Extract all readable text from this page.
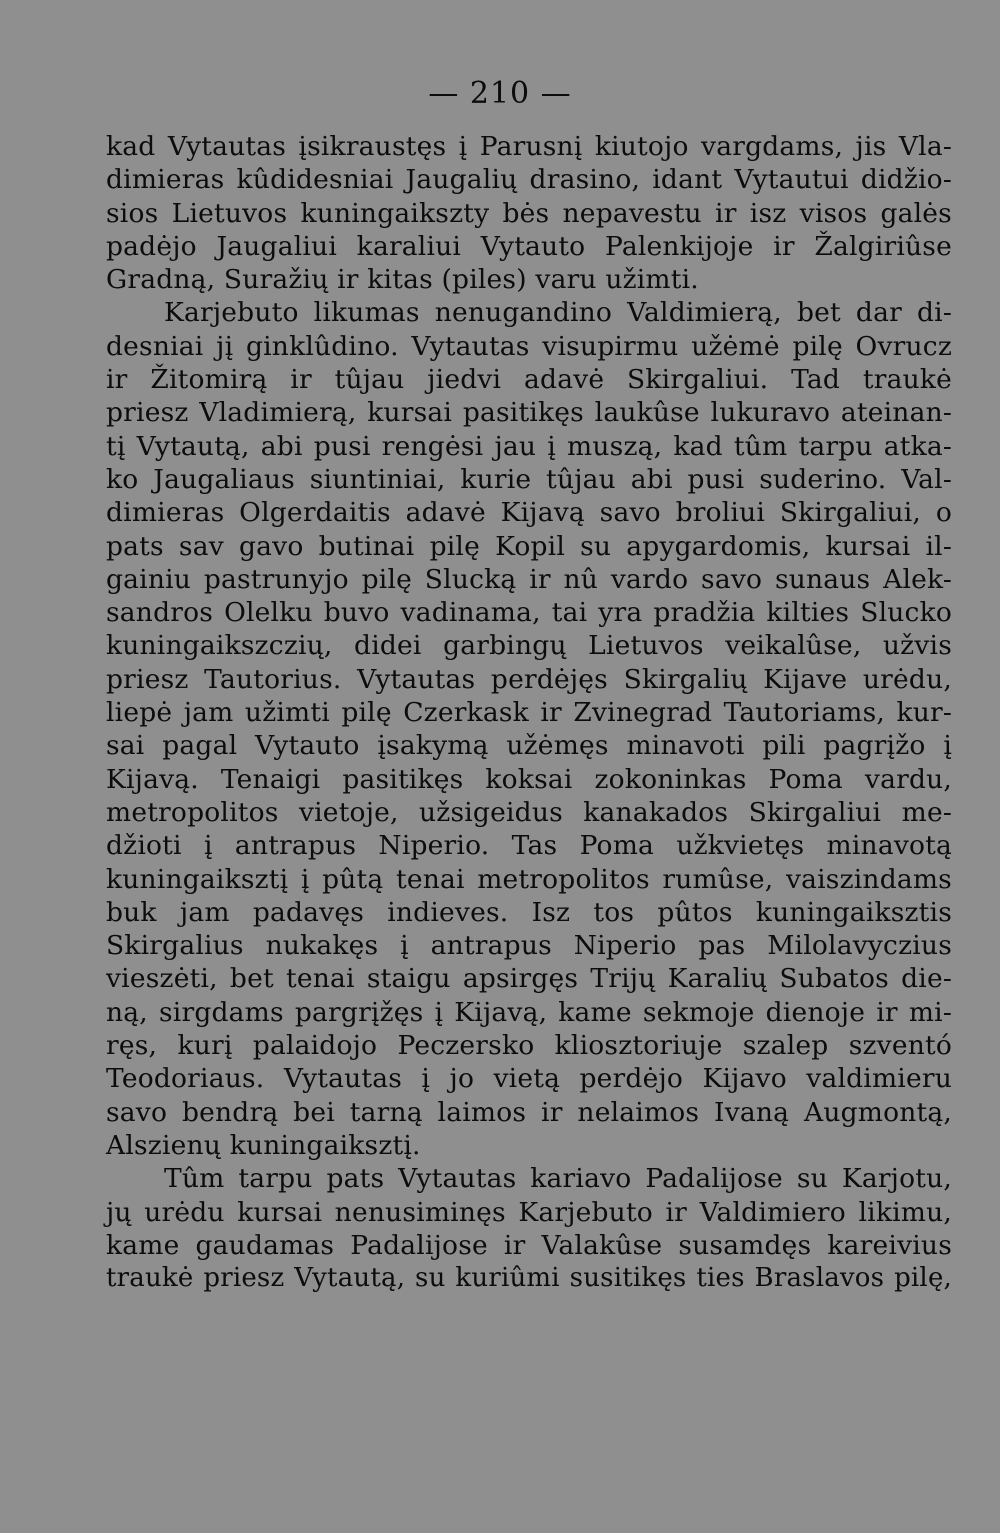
— 210 —
kad Vytautas įsikraustęs į Parusnį kiutojo vargdams, jis Vla-
dimieras kûdidesniai Jaugalių drasino, idant Vytautui didžio-
sios Lietuvos kuningaikszty bės nepavestu ir isz visos galės
padėjo Jaugaliui karaliui Vytauto Palenkijoje ir Žalgiriûse
Gradną, Suražių ir kitas (piles) varu užimti.
Karjebuto likumas nenugandino Valdimierą, bet dar di-
desniai jį ginklûdino. Vytautas visupirmu užėmė pilę Ovrucz
ir Žitomirą ir tûjau jiedvi adavė Skirgaliui. Tad traukė
priesz Vladimierą, kursai pasitikęs laukûse lukuravo ateinan-
tį Vytautą, abi pusi rengėsi jau į muszą, kad tûm tarpu atka-
ko Jaugaliaus siuntiniai, kurie tûjau abi pusi suderino. Val-
dimieras Olgerdaitis adavė Kijavą savo broliui Skirgaliui, o
pats sav gavo butinai pilę Kopil su apygardomis, kursai il-
gainiu pastrunyjo pilę Slucką ir nû vardo savo sunaus Alek-
sandros Olelku buvo vadinama, tai yra pradžia kilties Slucko
kuningaikszczių, didei garbingų Lietuvos veikalûse, užvis
priesz Tautorius. Vytautas perdėjęs Skirgalių Kijave urėdu,
liepė jam užimti pilę Czerkask ir Zvinegrad Tautoriams, kur-
sai pagal Vytauto įsakymą užėmęs minavoti pili pagrįžo į
Kijavą. Tenaigi pasitikęs koksai zokoninkas Poma vardu,
metropolitos vietoje, užsigeidus kanakados Skirgaliui me-
džioti į antrapus Niperio. Tas Poma užkvietęs minavotą
kuningaiksztį į pûtą tenai metropolitos rumûse, vaiszindams
buk jam padavęs indieves. Isz tos pûtos kuningaiksztis
Skirgalius nukakęs į antrapus Niperio pas Milolavyczius
vieszėti, bet tenai staigu apsirgęs Trijų Karalių Subatos die-
ną, sirgdams pargrįžęs į Kijavą, kame sekmoje dienoje ir mi-
ręs, kurį palaidojo Peczersko kliosztoriuje szalep szventó
Teodoriaus. Vytautas į jo vietą perdėjo Kijavo valdimieru
savo bendrą bei tarną laimos ir nelaimos Ivaną Augmontą,
Alszienų kuningaiksztį.
Tûm tarpu pats Vytautas kariavo Padalijose su Karjotu,
jų urėdu kursai nenusiminęs Karjebuto ir Valdimiero likimu,
kame gaudamas Padalijose ir Valakûse susamdęs kareivius
traukė priesz Vytautą, su kuriûmi susitikęs ties Braslavos pilę,
